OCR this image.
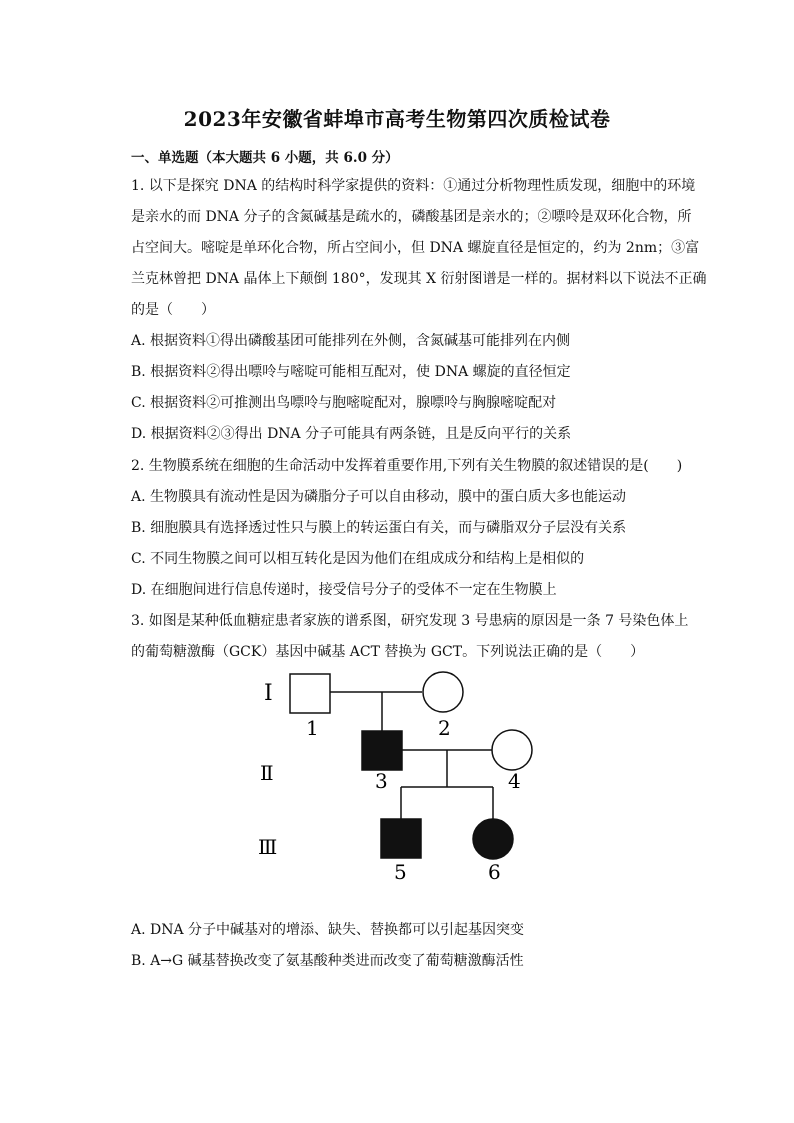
2023年安徽省蚌埠市高考生物第四次质检试卷
一、单选题（本大题共 6 小题，共 6.0 分）
1. 以下是探究 DNA 的结构时科学家提供的资料：①通过分析物理性质发现，细胞中的环境
是亲水的而 DNA 分子的含氮碱基是疏水的，磷酸基团是亲水的；②嘌呤是双环化合物，所
占空间大。嘧啶是单环化合物，所占空间小，但 DNA 螺旋直径是恒定的，约为 2nm；③富
兰克林曾把 DNA 晶体上下颠倒 180°，发现其 X 衍射图谱是一样的。据材料以下说法不正确
的是（　　）
A. 根据资料①得出磷酸基团可能排列在外侧，含氮碱基可能排列在内侧
B. 根据资料②得出嘌呤与嘧啶可能相互配对，使 DNA 螺旋的直径恒定
C. 根据资料②可推测出鸟嘌呤与胞嘧啶配对，腺嘌呤与胸腺嘧啶配对
D. 根据资料②③得出 DNA 分子可能具有两条链，且是反向平行的关系
2. 生物膜系统在细胞的生命活动中发挥着重要作用,下列有关生物膜的叙述错误的是(　　)
A. 生物膜具有流动性是因为磷脂分子可以自由移动，膜中的蛋白质大多也能运动
B. 细胞膜具有选择透过性只与膜上的转运蛋白有关，而与磷脂双分子层没有关系
C. 不同生物膜之间可以相互转化是因为他们在组成成分和结构上是相似的
D. 在细胞间进行信息传递时，接受信号分子的受体不一定在生物膜上
3. 如图是某种低血糖症患者家族的谱系图，研究发现 3 号患病的原因是一条 7 号染色体上
的葡萄糖激酶（GCK）基因中碱基 ACT 替换为 GCT。下列说法正确的是（　　）
I
Ⅱ
Ⅲ
1	2
3	4
5	6
A. DNA 分子中碱基对的增添、缺失、替换都可以引起基因突变
B. A→G 碱基替换改变了氨基酸种类进而改变了葡萄糖激酶活性
